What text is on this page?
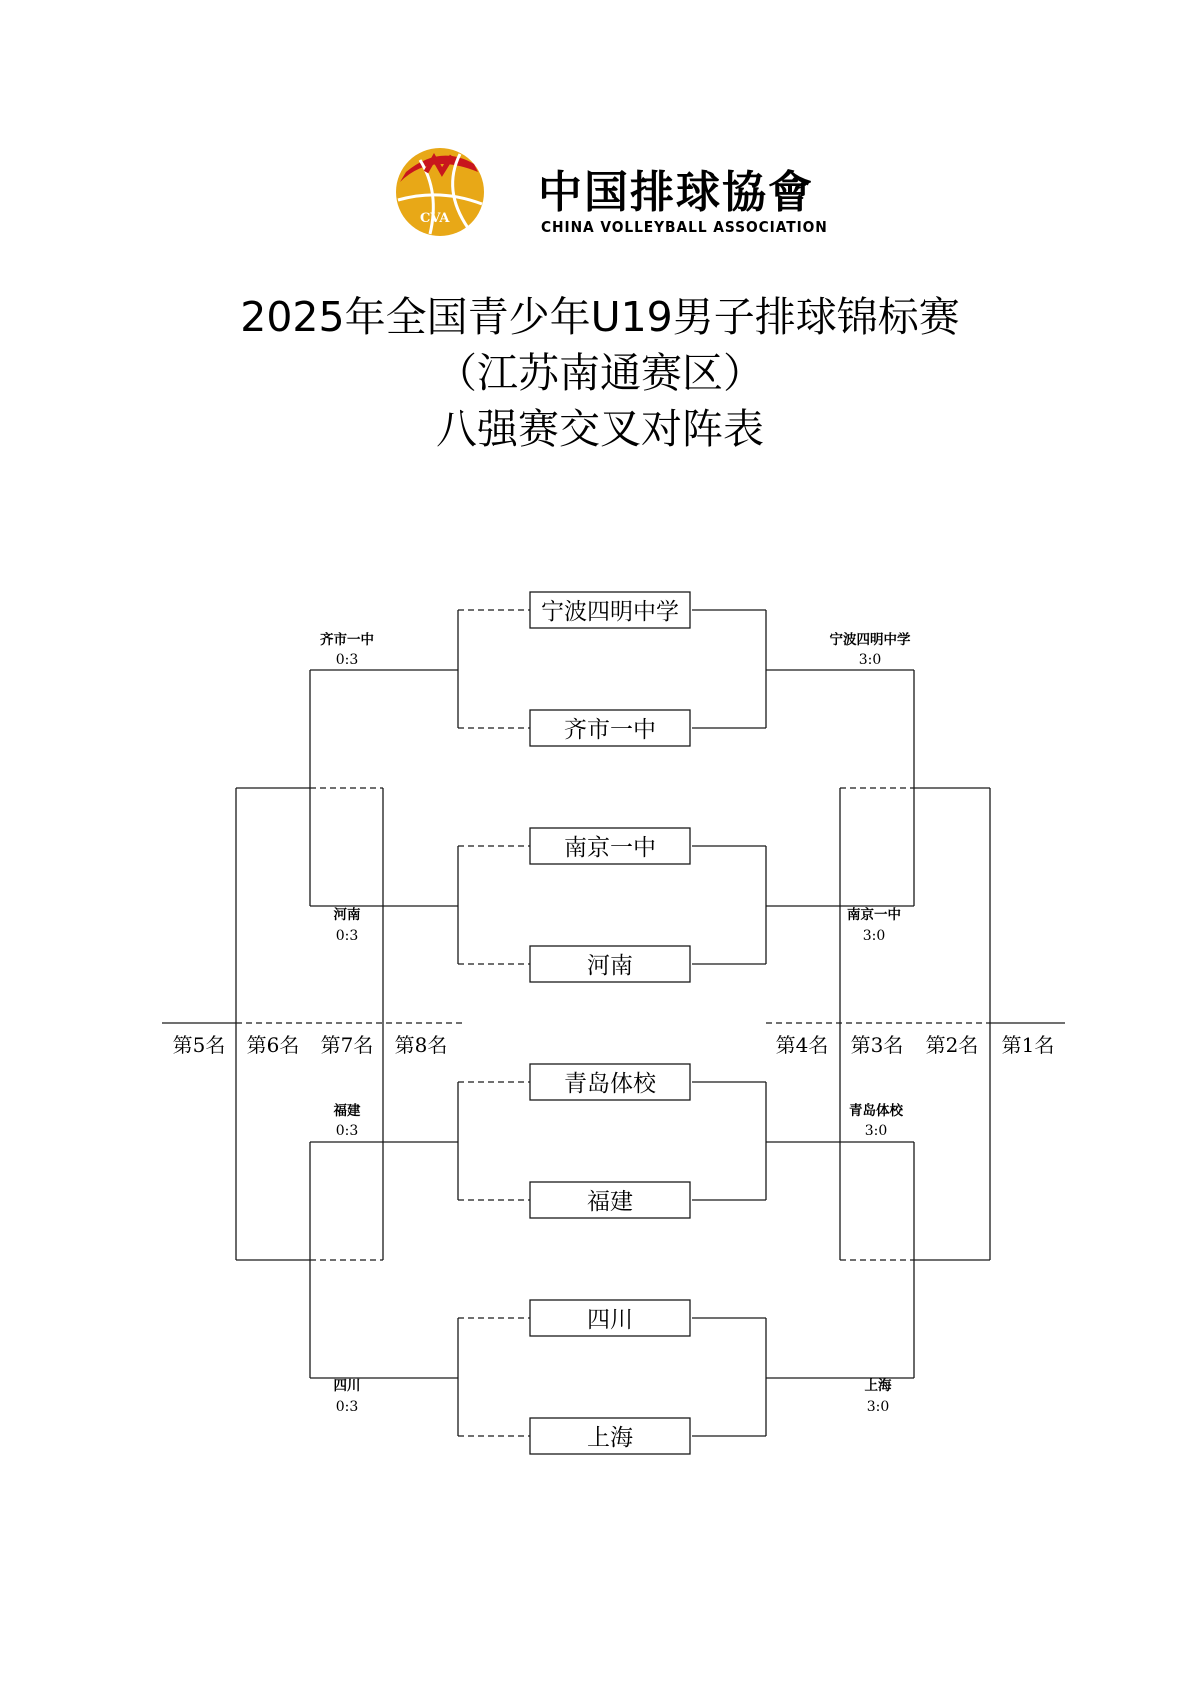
CVA
中国排球協會
CHINA VOLLEYBALL ASSOCIATION
2025年全国青少年U19男子排球锦标赛
（江苏南通赛区）
八强赛交叉对阵表
宁波四明中学
齐市一中
南京一中
河南
青岛体校
福建
四川
上海
齐市一中
0:3
河南
0:3
福建
0:3
四川
0:3
宁波四明中学
3:0
南京一中
3:0
青岛体校
3:0
上海
3:0
第5名 第6名 第7名 第8名	第4名 第3名 第2名 第1名
